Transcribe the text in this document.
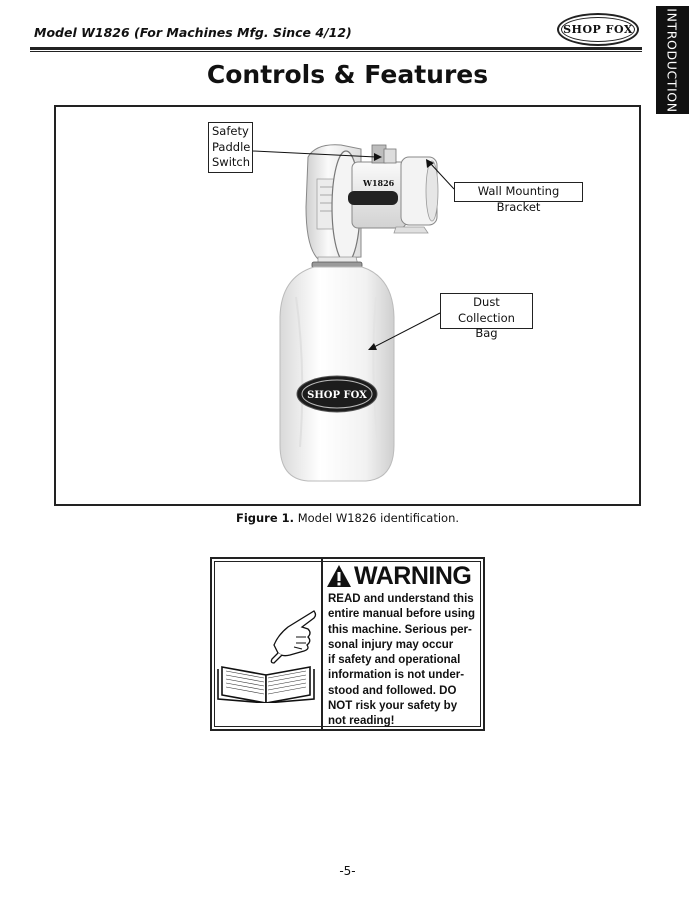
Model W1826 (For Machines Mfg. Since 4/12)	SHOP FOX	INTRODUCTION
Controls & Features
W1826
SHOP FOX
Safety
Paddle
Switch
Wall Mounting Bracket
Dust Collection
Bag
Figure 1. Model W1826 identification.
WARNING
READ and understand this
entire manual before using
this machine. Serious per-
sonal injury may occur
if safety and operational
information is not under-
stood and followed. DO
NOT risk your safety by
not reading!
-5-
